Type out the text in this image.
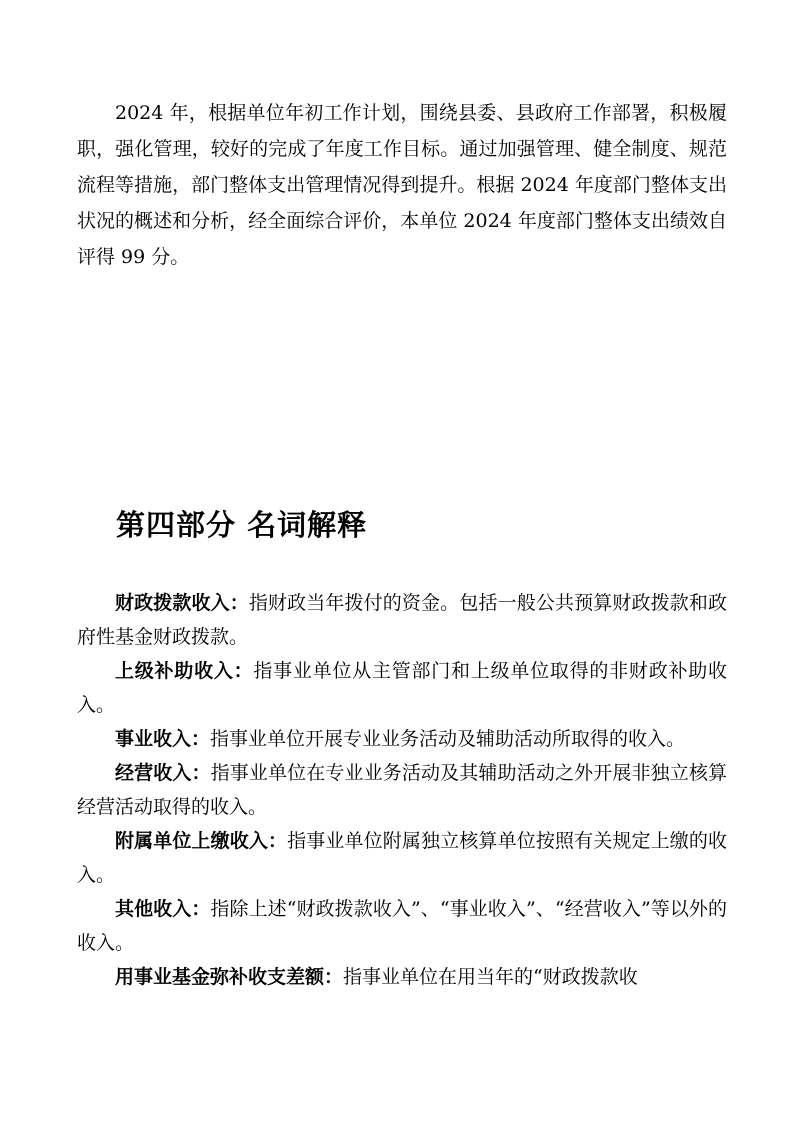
2024 年，根据单位年初工作计划，围绕县委、县政府工作部署，积极履职，强化管理，较好的完成了年度工作目标。通过加强管理、健全制度、规范流程等措施，部门整体支出管理情况得到提升。根据 2024 年度部门整体支出状况的概述和分析，经全面综合评价，本单位 2024 年度部门整体支出绩效自评得 99 分。

第四部分 名词解释

财政拨款收入：指财政当年拨付的资金。包括一般公共预算财政拨款和政府性基金财政拨款。

上级补助收入：指事业单位从主管部门和上级单位取得的非财政补助收入。

事业收入：指事业单位开展专业业务活动及辅助活动所取得的收入。

经营收入：指事业单位在专业业务活动及其辅助活动之外开展非独立核算经营活动取得的收入。

附属单位上缴收入：指事业单位附属独立核算单位按照有关规定上缴的收入。

其他收入：指除上述“财政拨款收入”、“事业收入”、“经营收入”等以外的收入。

用事业基金弥补收支差额：指事业单位在用当年的“财政拨款收
